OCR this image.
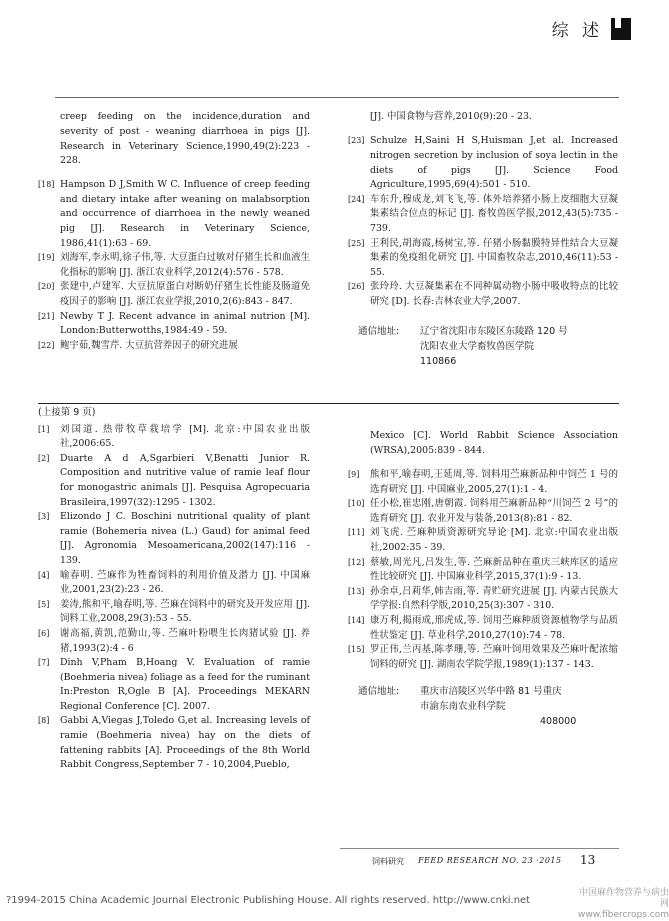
综 述

creep feeding on the incidence,duration and severity of post - weaning diarrhoea in pigs [J]. Research in Veterinary Science,1990,49(2):223 - 228.

[18] Hampson D J,Smith W C. Influence of creep feeding and dietary intake after weaning on malabsorption and occurrence of diarrhoea in the newly weaned pig [J]. Research in Veterinary Science, 1986,41(1):63 - 69.

[19] 刘海军,李永明,徐子伟,等. 大豆蛋白过敏对仔猪生长和血液生化指标的影响 [J]. 浙江农业科学,2012(4):576 - 578.

[20] 张建中,卢建军. 大豆抗原蛋白对断奶仔猪生长性能及肠道免疫因子的影响 [J]. 浙江农业学报,2010,2(6):843 - 847.

[21] Newby T J. Recent advance in animal nutrion [M]. London:Butterwotths,1984:49 - 59.

[22] 鲍宇茹,魏雪芹. 大豆抗营养因子的研究进展

[J]. 中国食物与营养,2010(9):20 - 23.

[23] Schulze H,Saini H S,Huisman J,et al. Increased nitrogen secretion by inclusion of soya lectin in the diets of pigs [J]. Science Food Agriculture,1995,69(4):501 - 510.

[24] 车东升,穆成龙,刘飞飞,等. 体外培养猪小肠上皮细胞大豆凝集素结合位点的标记 [J]. 畜牧兽医学报,2012,43(5):735 - 739.

[25] 王利民,胡海霞,杨树宝,等. 仔猪小肠黏膜特异性结合大豆凝集素的免疫组化研究 [J]. 中国畜牧杂志,2010,46(11):53 - 55.

[26] 张玲玲. 大豆凝集素在不同种属动物小肠中吸收特点的比较研究 [D]. 长春:吉林农业大学,2007.

通信地址: 辽宁省沈阳市东陵区东陵路 120 号
沈阳农业大学畜牧兽医学院
110866
(上接第 9 页)

[1]	刘国道. 热带牧草栽培学 [M]. 北京:中国农业出版社,2006:65.

[2]	Duarte A d A,Sgarbieri V,Benatti Junior R. Composition and nutritive value of ramie leaf flour for monogastric animals [J]. Pesquisa Agropecuaria Brasileira,1997(32):1295 - 1302.

[3]	Elizondo J C. Boschini nutritional quality of plant ramie (Bohemeria nivea (L.) Gaud) for animal feed [J]. Agronomia Mesoamericana,2002(147):116 - 139.

[4]	喻春明. 苎麻作为牲畜饲料的利用价值及潜力 [J]. 中国麻业,2001,23(2):23 - 26.

[5]	姜涛,熊和平,喻春明,等. 苎麻在饲料中的研究及开发应用 [J]. 饲料工业,2008,29(3):53 - 55.

[6]	谢高福,黄凯,范勤山,等. 苎麻叶粉喂生长肉猪试验 [J]. 养猪,1993(2):4 - 6

[7]	Dinh V,Pham B,Hoang V. Evaluation of ramie (Boehmeria nivea) foliage as a feed for the ruminant In:Preston R,Ogle B [A]. Proceedings MEKARN Regional Conference [C]. 2007.

[8]	Gabbi A,Viegas J,Toledo G,et al. Increasing levels of ramie (Boehmeria nivea) hay on the diets of fattening rabbits [A]. Proceedings of the 8th World Rabbit Congress,September 7 - 10,2004,Pueblo,

Mexico [C]. World Rabbit Science Association (WRSA),2005:839 - 844.

[9]	熊和平,喻春明,王延周,等. 饲料用苎麻新品种中饲苎 1 号的选育研究 [J]. 中国麻业,2005,27(1):1 - 4.

[10] 任小松,崔忠刚,唐朝霞. 饲料用苎麻新品种“川饲苎 2 号”的选育研究 [J]. 农业开发与装备,2013(8):81 - 82.

[11] 刘飞虎. 苎麻种质资源研究导论 [M]. 北京:中国农业出版社,2002:35 - 39.

[12] 蔡敏,周光凡,吕发生,等. 苎麻新品种在重庆三峡库区的适应性比较研究 [J]. 中国麻业科学,2015,37(1):9 - 13.

[13] 孙余卓,吕莉华,韩吉雨,等. 青贮研究进展 [J]. 内蒙古民族大学学报:自然科学版,2010,25(3):307 - 310.

[14] 康万利,揭雨成,邢虎成,等. 饲用苎麻种质资源植物学与品质性状鉴定 [J]. 草业科学,2010,27(10):74 - 78.

[15] 罗正伟,兰丙基,陈孝珊,等. 苎麻叶饲用效果及苎麻叶配浓缩饲料的研究 [J]. 湖南农学院学报,1989(1):137 - 143.

通信地址: 重庆市涪陵区兴华中路 81 号重庆
市渝东南农业科学院
408000
饲料研究 FEED RESEARCH NO. 23 ·2015 13
?1994-2015 China Academic Journal Electronic Publishing House. All rights reserved. http://www.cnki.net
中国麻作物营养与病虫网
www.fibercrops.com
